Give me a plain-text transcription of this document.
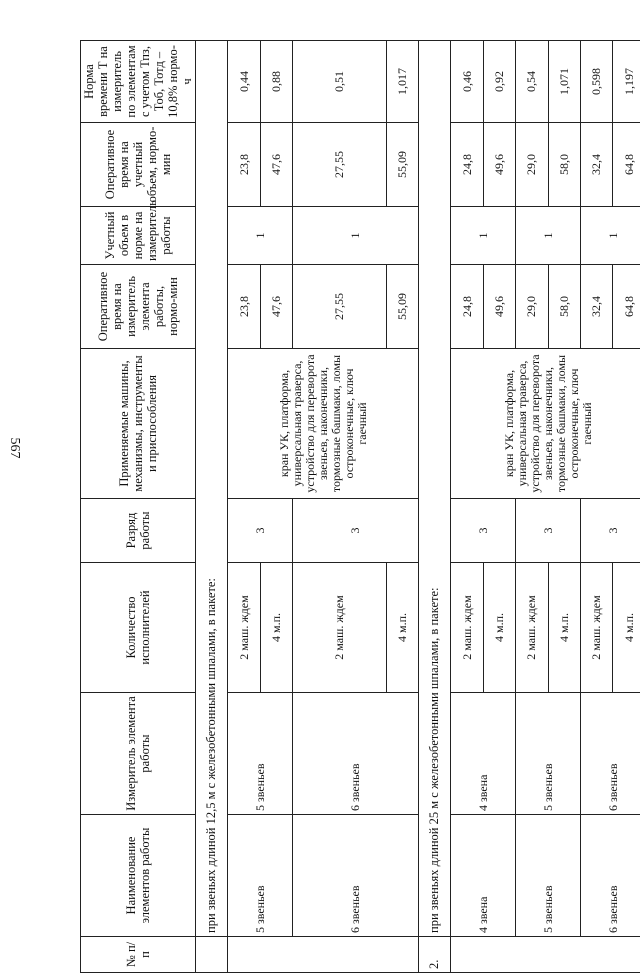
567
№ п/п	Наименование элементов работы	Измеритель элемента работы	Количество исполнителей	Разряд работы	Применяемые машины, механизмы, инструменты и приспособления	Оперативное время на измеритель элемента работы, нормо-мин	Учетный объем в норме на измеритель работы	Оперативное время на учетный объем, нормо-мин	Норма времени Т на измеритель по элементам с учетом Тпз, Тоб, Тотд – 10,8% нормо-ч
	при звеньях длиной 12,5 м с железобетонными шпалами, в пакете:								
	5 звеньев	5 звеньев	2 маш. ждем	3	кран УК, платформа, универсальная траверса, устройство для переворота звеньев, наконечники, тормозные башмаки, ломы остроконечные, ключ гаечный	23,8	1	23,8	0,44
			4 м.п.			47,6		47,6	0,88
	6 звеньев	6 звеньев	2 маш. ждем	3		27,55	1	27,55	0,51
			4 м.п.			55,09		55,09	1,017
2.	при звеньях длиной 25 м с железобетонными шпалами, в пакете:								
	4 звена	4 звена	2 маш. ждем	3	кран УК, платформа, универсальная траверса, устройство для переворота звеньев, наконечники, тормозные башмаки, ломы остроконечные, ключ гаечный	24,8	1	24,8	0,46
			4 м.п.			49,6		49,6	0,92
	5 звеньев	5 звеньев	2 маш. ждем	3		29,0	1	29,0	0,54
			4 м.п.			58,0		58,0	1,071
	6 звеньев	6 звеньев	2 маш. ждем	3		32,4	1	32,4	0,598
			4 м.п.			64,8		64,8	1,197
